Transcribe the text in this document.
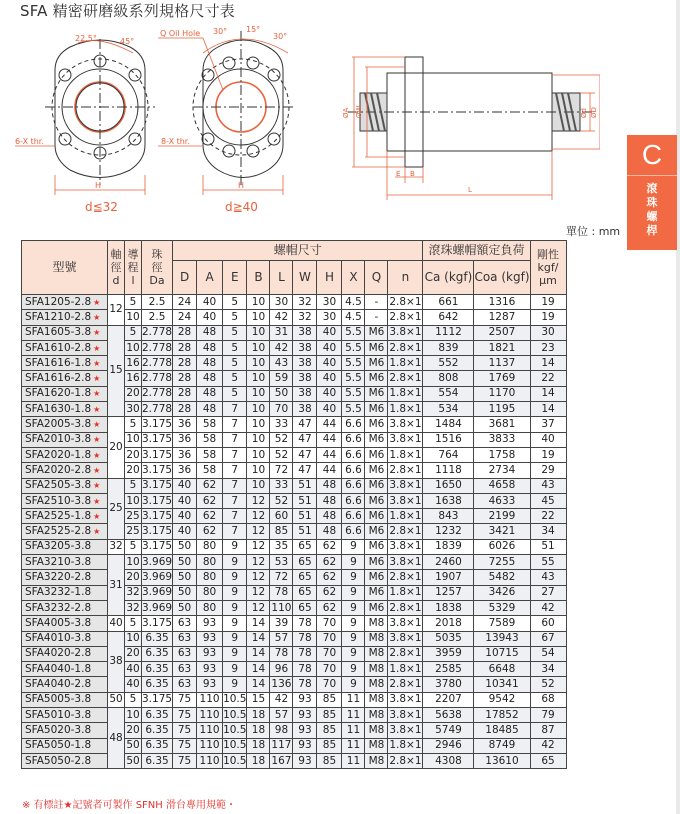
SFA 精密研磨級系列規格尺寸表
22.5°	45°
6-X thr.
H
d≦32
Q Oil Hole 30° 15°
30°
8-X thr.
H
d≧40
ØA ØW	Ød ØD
E B
L
C
滾
珠
螺
桿
單位 : mm
型號	軸
徑
d	導
程
l	珠
徑
Da	螺帽尺寸										滾珠螺帽額定負荷		剛性
kgf/
μm
				D	A	E	B	L	W	H	X	Q	n	Ca (kgf)	Coa (kgf)	
SFA1205-2.8 ★	12	5	2.5	24	40	5	10	30	32	30	4.5	-	2.8×1	661	1316	19
SFA1210-2.8 ★		10	2.5	24	40	5	10	42	32	30	4.5	-	2.8×1	642	1287	19
SFA1605-3.8 ★	15	5	2.778	28	48	5	10	31	38	40	5.5	M6	3.8×1	1112	2507	30
SFA1610-2.8 ★		10	2.778	28	48	5	10	42	38	40	5.5	M6	2.8×1	839	1821	23
SFA1616-1.8 ★		16	2.778	28	48	5	10	43	38	40	5.5	M6	1.8×1	552	1137	14
SFA1616-2.8 ★		16	2.778	28	48	5	10	59	38	40	5.5	M6	2.8×1	808	1769	22
SFA1620-1.8 ★		20	2.778	28	48	5	10	50	38	40	5.5	M6	1.8×1	554	1170	14
SFA1630-1.8 ★		30	2.778	28	48	7	10	70	38	40	5.5	M6	1.8×1	534	1195	14
SFA2005-3.8 ★	20	5	3.175	36	58	7	10	33	47	44	6.6	M6	3.8×1	1484	3681	37
SFA2010-3.8 ★		10	3.175	36	58	7	10	52	47	44	6.6	M6	3.8×1	1516	3833	40
SFA2020-1.8 ★		20	3.175	36	58	7	10	52	47	44	6.6	M6	1.8×1	764	1758	19
SFA2020-2.8 ★		20	3.175	36	58	7	10	72	47	44	6.6	M6	2.8×1	1118	2734	29
SFA2505-3.8 ★	25	5	3.175	40	62	7	10	33	51	48	6.6	M6	3.8×1	1650	4658	43
SFA2510-3.8 ★		10	3.175	40	62	7	12	52	51	48	6.6	M6	3.8×1	1638	4633	45
SFA2525-1.8 ★		25	3.175	40	62	7	12	60	51	48	6.6	M6	1.8×1	843	2199	22
SFA2525-2.8 ★		25	3.175	40	62	7	12	85	51	48	6.6	M6	2.8×1	1232	3421	34
SFA3205-3.8	32	5	3.175	50	80	9	12	35	65	62	9	M6	3.8×1	1839	6026	51
SFA3210-3.8	31	10	3.969	50	80	9	12	53	65	62	9	M6	3.8×1	2460	7255	55
SFA3220-2.8		20	3.969	50	80	9	12	72	65	62	9	M6	2.8×1	1907	5482	43
SFA3232-1.8		32	3.969	50	80	9	12	78	65	62	9	M6	1.8×1	1257	3426	27
SFA3232-2.8		32	3.969	50	80	9	12	110	65	62	9	M6	2.8×1	1838	5329	42
SFA4005-3.8	40	5	3.175	63	93	9	14	39	78	70	9	M8	3.8×1	2018	7589	60
SFA4010-3.8	38	10	6.35	63	93	9	14	57	78	70	9	M8	3.8×1	5035	13943	67
SFA4020-2.8		20	6.35	63	93	9	14	78	78	70	9	M8	2.8×1	3959	10715	54
SFA4040-1.8		40	6.35	63	93	9	14	96	78	70	9	M8	1.8×1	2585	6648	34
SFA4040-2.8		40	6.35	63	93	9	14	136	78	70	9	M8	2.8×1	3780	10341	52
SFA5005-3.8	50	5	3.175	75	110	10.5	15	42	93	85	11	M8	3.8×1	2207	9542	68
SFA5010-3.8	48	10	6.35	75	110	10.5	18	57	93	85	11	M8	3.8×1	5638	17852	79
SFA5020-3.8		20	6.35	75	110	10.5	18	98	93	85	11	M8	3.8×1	5749	18485	87
SFA5050-1.8		50	6.35	75	110	10.5	18	117	93	85	11	M8	1.8×1	2946	8749	42
SFA5050-2.8		50	6.35	75	110	10.5	18	167	93	85	11	M8	2.8×1	4308	13610	65
※ 有標註★記號者可製作 SFNH 滑台專用規範・
